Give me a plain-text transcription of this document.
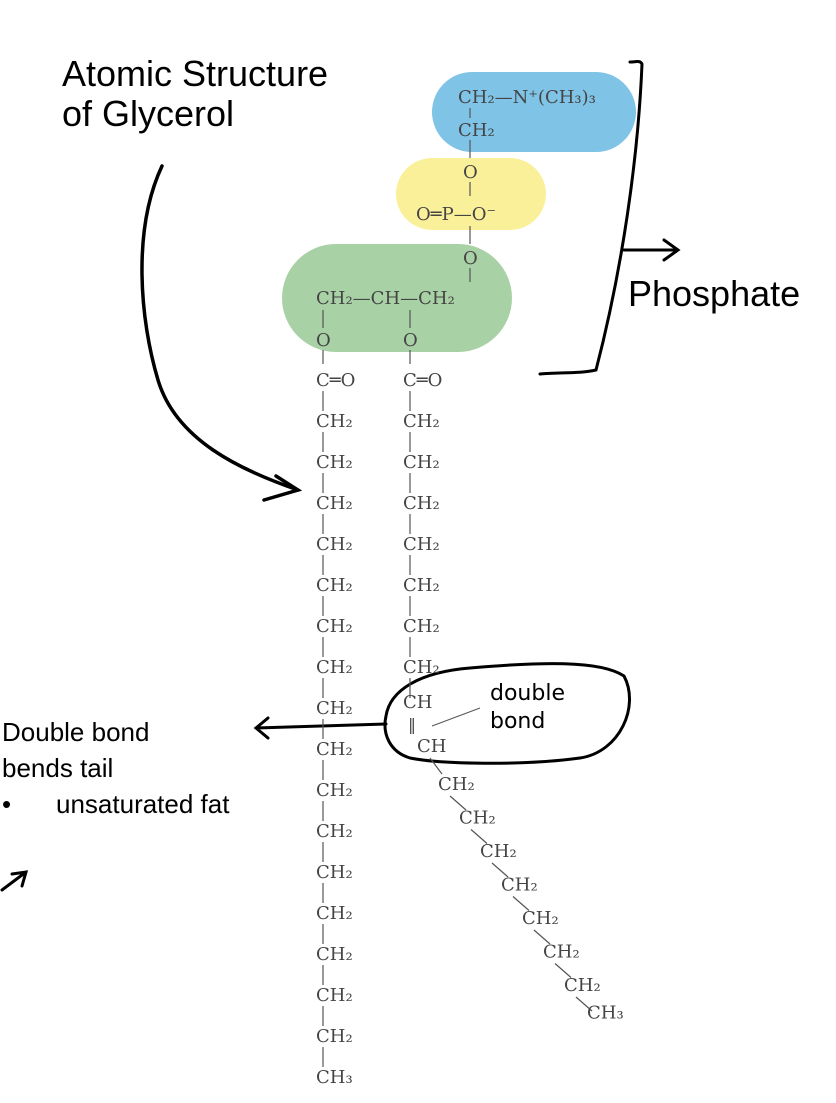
CH₂—N⁺(CH₃)₃
CH₂
O
O═P—O⁻
O
CH₂—CH—CH₂
O	O
C═O	C═O
CH₂
CH₂
CH₂
CH₂
CH₂
CH₂
CH₂
CH₂
CH₂
CH₂
CH₂
CH₂
CH₂
CH₂
CH₂
CH₂
CH₃
CH₂
CH₂
CH₂
CH₂
CH₂
CH₂
CH₂
CH
‖
CH
CH₂
CH₂
CH₂
CH₂
CH₂
CH₂
CH₂
CH₃
Atomic Structure
of Glycerol
Phosphate
Double bond
bends tail
• unsaturated fat
double
bond
